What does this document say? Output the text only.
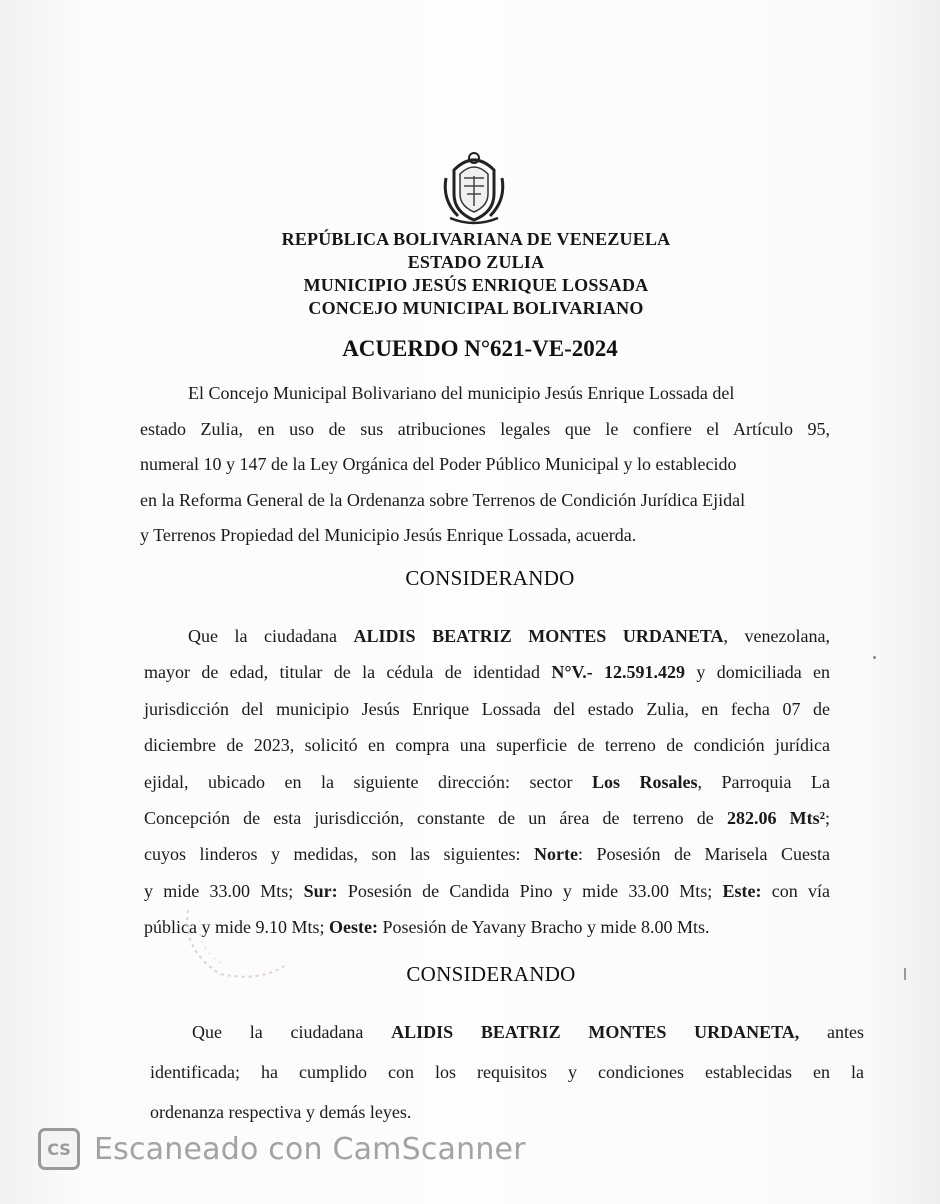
REPÚBLICA BOLIVARIANA DE VENEZUELA
ESTADO ZULIA
MUNICIPIO JESÚS ENRIQUE LOSSADA
CONCEJO MUNICIPAL BOLIVARIANO
ACUERDO N°621-VE-2024
El Concejo Municipal Bolivariano del municipio Jesús Enrique Lossada del
estado Zulia, en uso de sus atribuciones legales que le confiere el Artículo 95,
numeral 10 y 147 de la Ley Orgánica del Poder Público Municipal y lo establecido
en la Reforma General de la Ordenanza sobre Terrenos de Condición Jurídica Ejidal
y Terrenos Propiedad del Municipio Jesús Enrique Lossada, acuerda.
CONSIDERANDO
Que la ciudadana ALIDIS BEATRIZ MONTES URDANETA, venezolana,
mayor de edad, titular de la cédula de identidad N°V.- 12.591.429 y domiciliada en
jurisdicción del municipio Jesús Enrique Lossada del estado Zulia, en fecha 07 de
diciembre de 2023, solicitó en compra una superficie de terreno de condición jurídica
ejidal, ubicado en la siguiente dirección: sector Los Rosales, Parroquia La
Concepción de esta jurisdicción, constante de un área de terreno de 282.06 Mts²;
cuyos linderos y medidas, son las siguientes: Norte: Posesión de Marisela Cuesta
y mide 33.00 Mts; Sur: Posesión de Candida Pino y mide 33.00 Mts; Este: con vía
pública y mide 9.10 Mts; Oeste: Posesión de Yavany Bracho y mide 8.00 Mts.
CONSIDERANDO
Que la ciudadana ALIDIS BEATRIZ MONTES URDANETA, antes
identificada; ha cumplido con los requisitos y condiciones establecidas en la
ordenanza respectiva y demás leyes.
CS Escaneado con CamScanner
